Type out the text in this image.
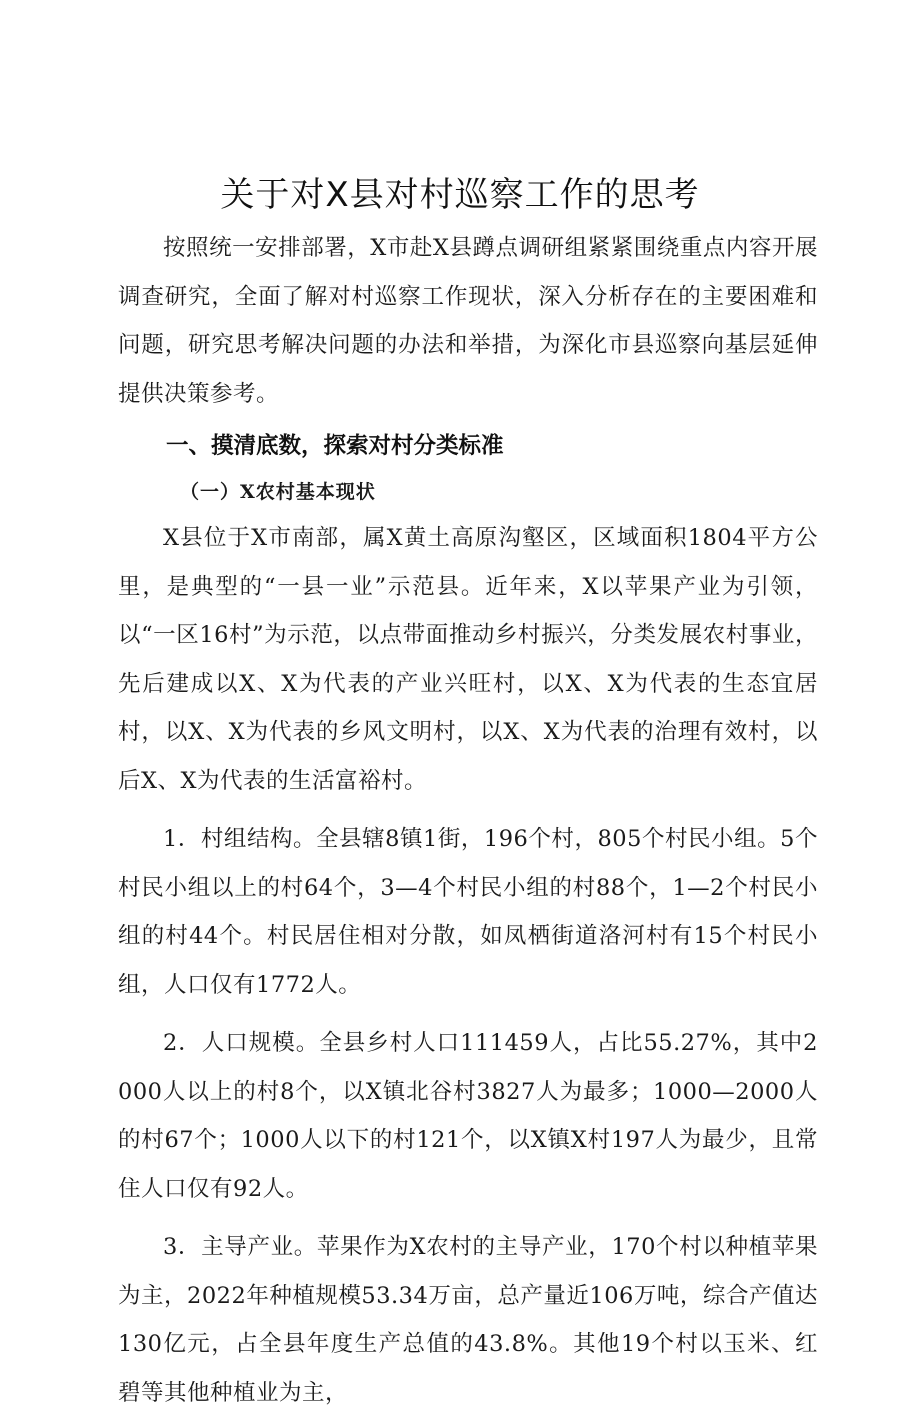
关于对X县对村巡察工作的思考

按照统一安排部署，X市赴X县蹲点调研组紧紧围绕重点内容开展调查研究，全面了解对村巡察工作现状，深入分析存在的主要困难和问题，研究思考解决问题的办法和举措，为深化市县巡察向基层延伸提供决策参考。

一、摸清底数，探索对村分类标准
（一）X农村基本现状

X县位于X市南部，属X黄土高原沟壑区，区域面积1804平方公里，是典型的“一县一业”示范县。近年来，X以苹果产业为引领，以“一区16村”为示范，以点带面推动乡村振兴，分类发展农村事业，先后建成以X、X为代表的产业兴旺村，以X、X为代表的生态宜居村，以X、X为代表的乡风文明村，以X、X为代表的治理有效村，以后X、X为代表的生活富裕村。

1．村组结构。全县辖8镇1街，196个村，805个村民小组。5个村民小组以上的村64个，3—4个村民小组的村88个，1—2个村民小组的村44个。村民居住相对分散，如凤栖街道洛河村有15个村民小组，人口仅有1772人。

2．人口规模。全县乡村人口111459人，占比55.27%，其中2000人以上的村8个，以X镇北谷村3827人为最多；1000—2000人的村67个；1000人以下的村121个，以X镇X村197人为最少，且常住人口仅有92人。

3．主导产业。苹果作为X农村的主导产业，170个村以种植苹果为主，2022年种植规模53.34万亩，总产量近106万吨，综合产值达130亿元，占全县年度生产总值的43.8%。其他19个村以玉米、红碧等其他种植业为主，
